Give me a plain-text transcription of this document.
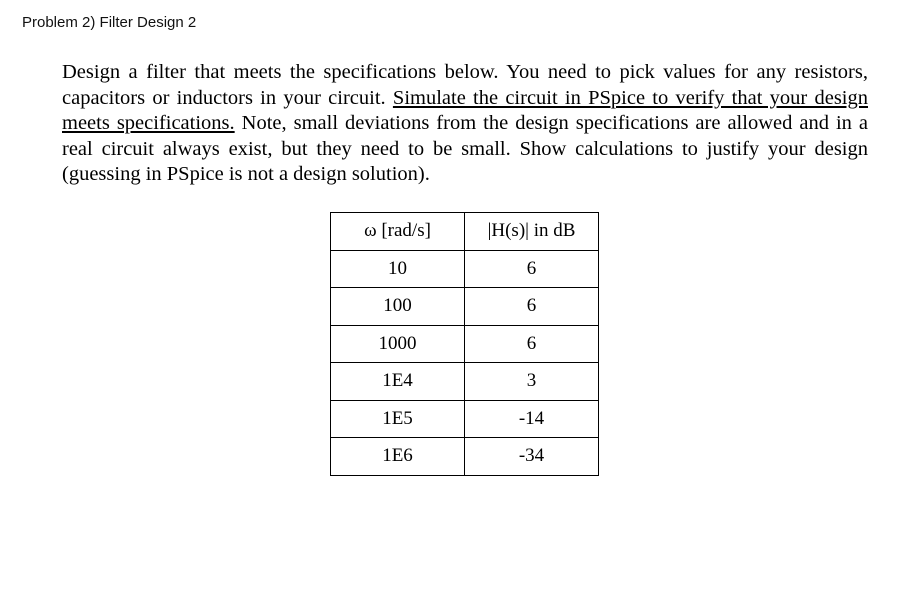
Problem 2) Filter Design 2
Design a filter that meets the specifications below. You need to pick values for any resistors, capacitors or inductors in your circuit. Simulate the circuit in PSpice to verify that your design meets specifications. Note, small deviations from the design specifications are allowed and in a real circuit always exist, but they need to be small. Show calculations to justify your design (guessing in PSpice is not a design solution).
ω [rad/s]	|H(s)| in dB
10	6
100	6
1000	6
1E4	3
1E5	-14
1E6	-34
